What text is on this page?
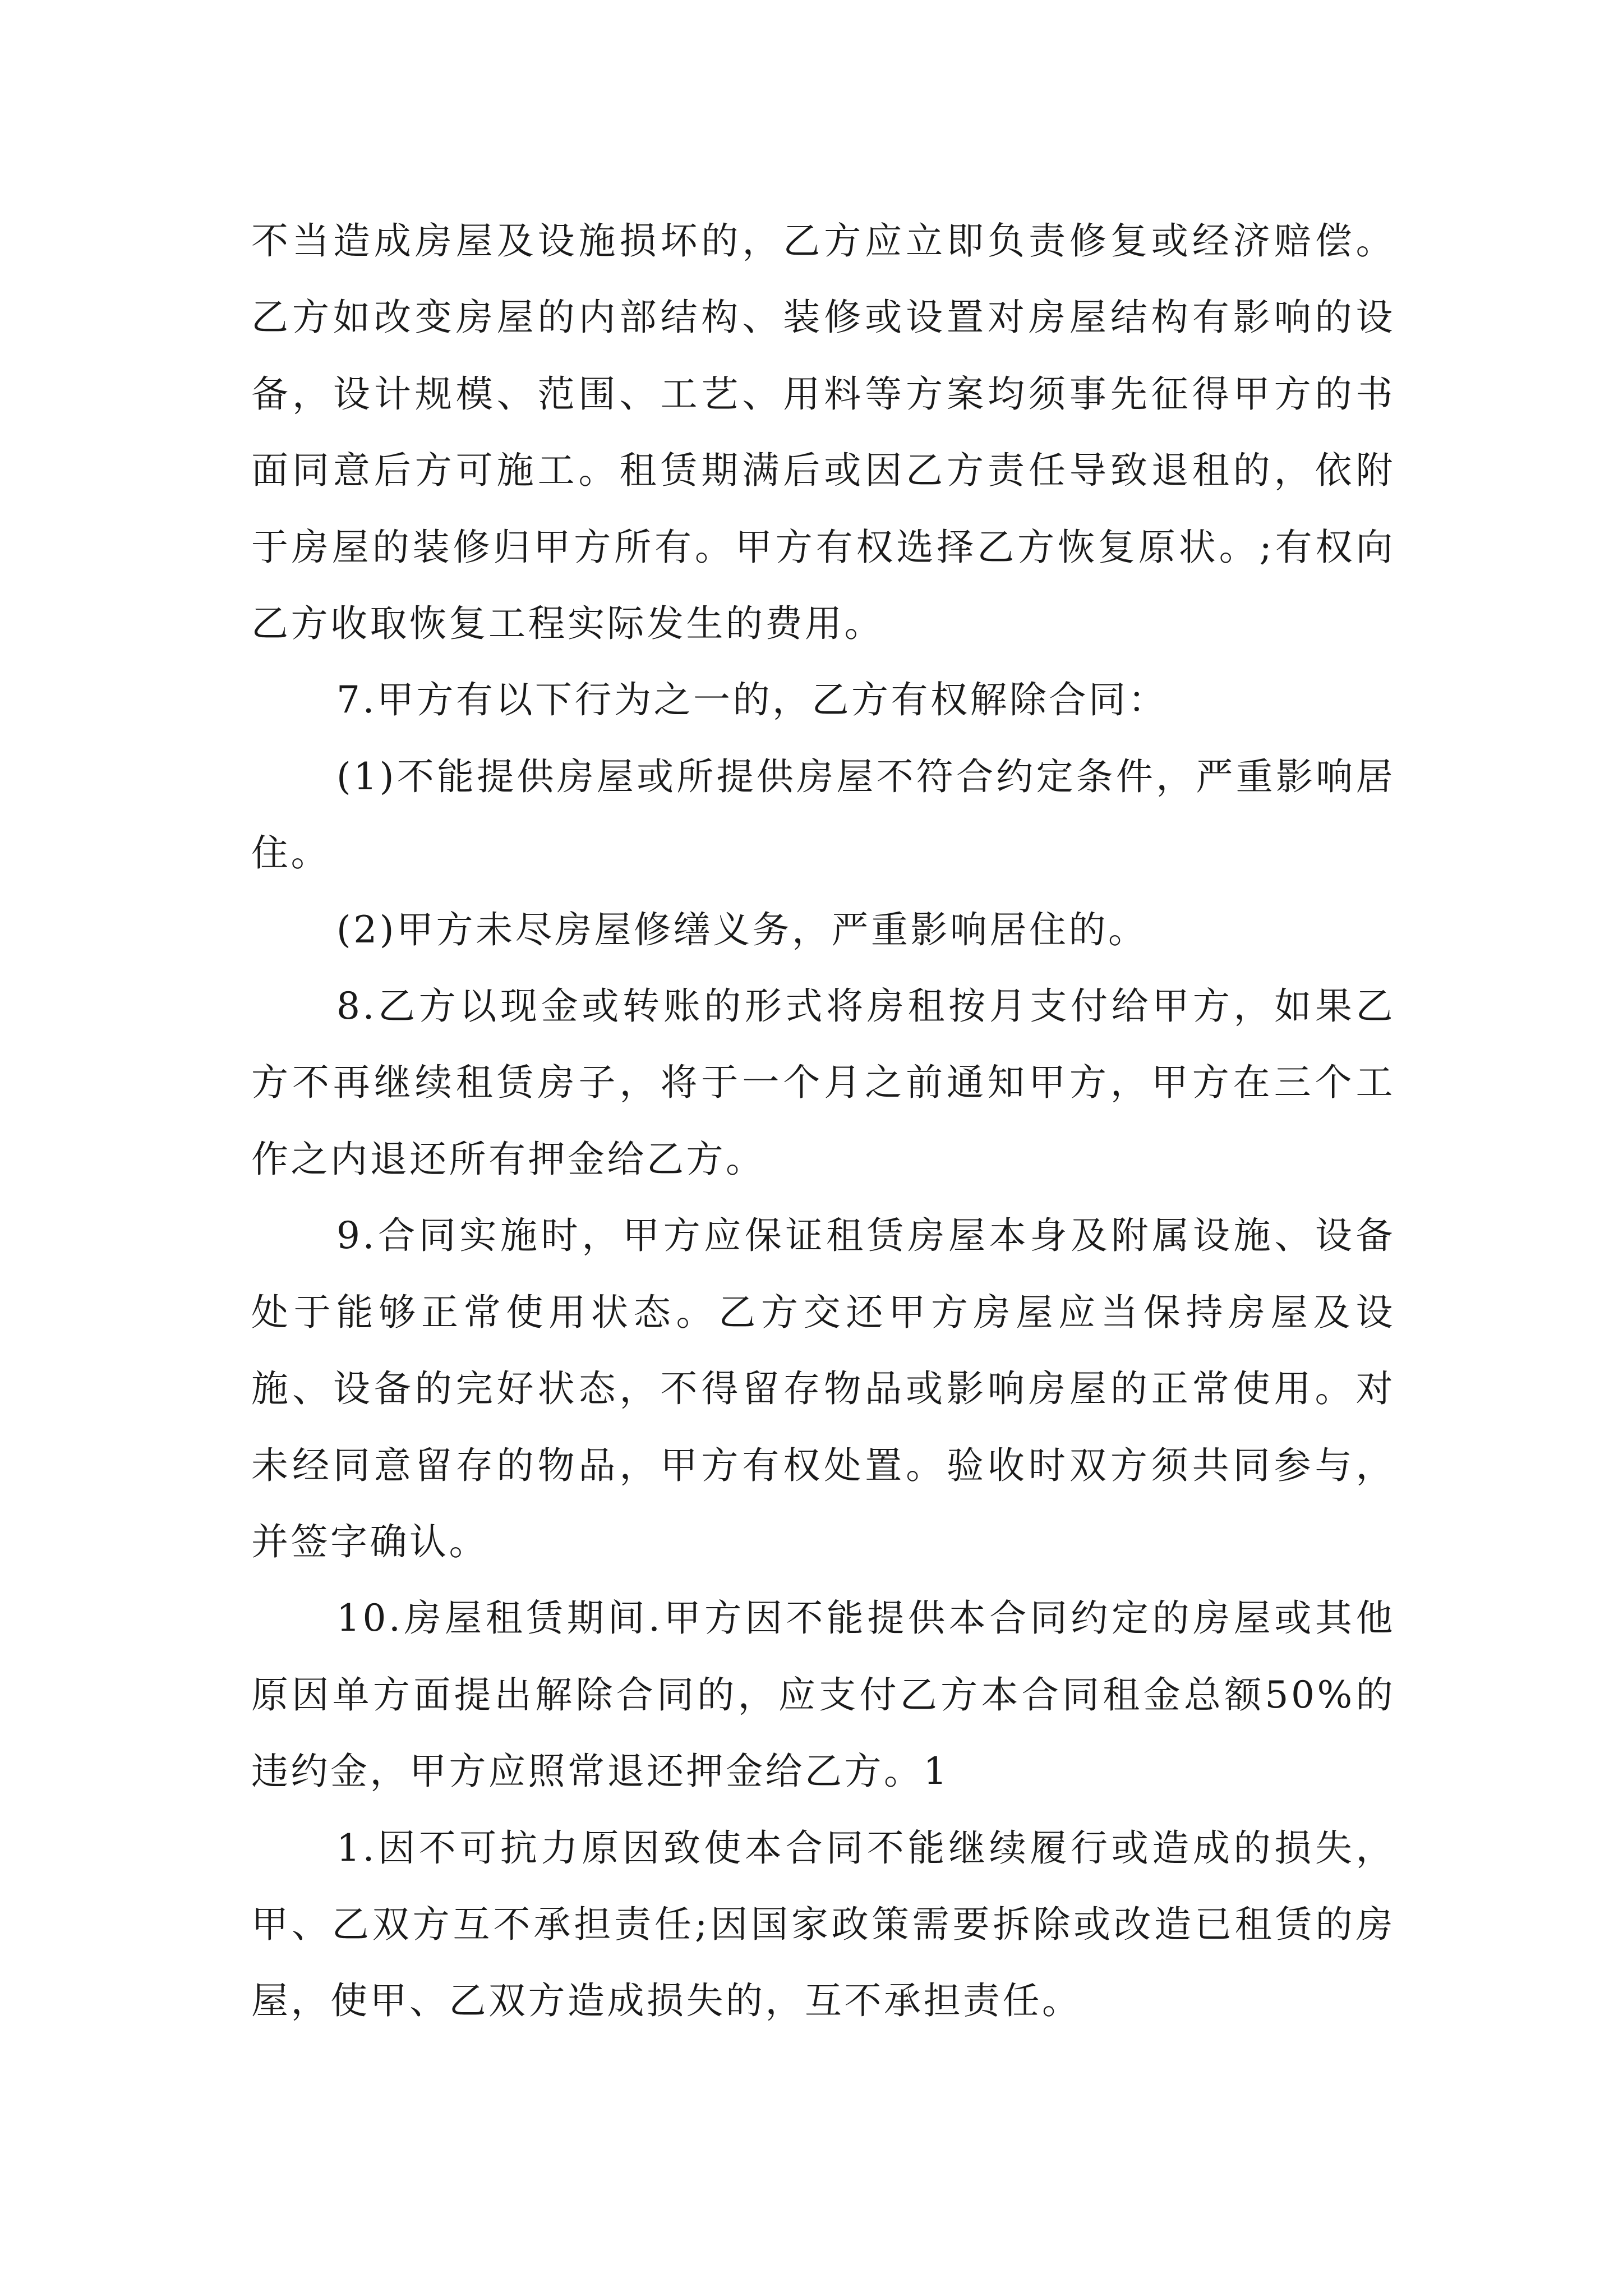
不当造成房屋及设施损坏的，乙方应立即负责修复或经济赔偿。乙方如改变房屋的内部结构、装修或设置对房屋结构有影响的设备，设计规模、范围、工艺、用料等方案均须事先征得甲方的书面同意后方可施工。租赁期满后或因乙方责任导致退租的，依附于房屋的装修归甲方所有。甲方有权选择乙方恢复原状。;有权向乙方收取恢复工程实际发生的费用。

7.甲方有以下行为之一的，乙方有权解除合同：

(1)不能提供房屋或所提供房屋不符合约定条件，严重影响居住。

(2)甲方未尽房屋修缮义务，严重影响居住的。

8.乙方以现金或转账的形式将房租按月支付给甲方，如果乙方不再继续租赁房子，将于一个月之前通知甲方，甲方在三个工作之内退还所有押金给乙方。

9.合同实施时，甲方应保证租赁房屋本身及附属设施、设备处于能够正常使用状态。乙方交还甲方房屋应当保持房屋及设施、设备的完好状态，不得留存物品或影响房屋的正常使用。对未经同意留存的物品，甲方有权处置。验收时双方须共同参与，并签字确认。

10.房屋租赁期间.甲方因不能提供本合同约定的房屋或其他原因单方面提出解除合同的，应支付乙方本合同租金总额50%的违约金，甲方应照常退还押金给乙方。1

1.因不可抗力原因致使本合同不能继续履行或造成的损失，甲、乙双方互不承担责任;因国家政策需要拆除或改造已租赁的房屋，使甲、乙双方造成损失的，互不承担责任。
